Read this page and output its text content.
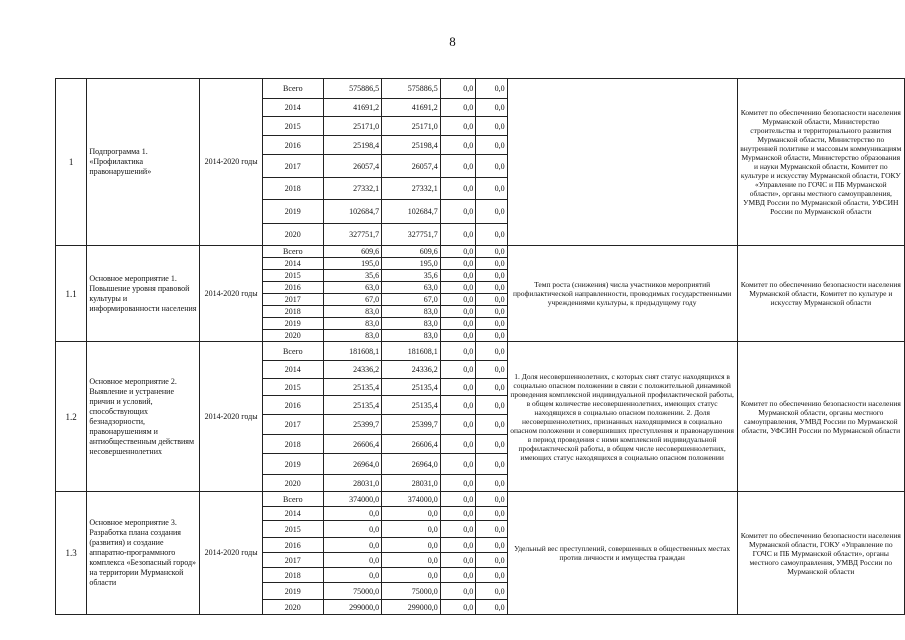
8
1	Подпрограмма 1. «Профилактика правонарушений»	2014-2020 годы	Всего	575886,5	575886,5	0,0	0,0		Комитет по обеспечению безопасности населения Мурманской области, Министерство строительства и территориального развития Мурманской области, Министерство по внутренней политике и массовым коммуникациям Мурманской области, Министерство образования и науки Мурманской области, Комитет по культуре и искусству Мурманской области, ГОКУ «Управление по ГОЧС и ПБ Мурманской области», органы местного самоуправления, УМВД России по Мурманской области, УФСИН России по Мурманской области

			2014	41691,2	41691,2	0,0	0,0		
			2015	25171,0	25171,0	0,0	0,0		
			2016	25198,4	25198,4	0,0	0,0		
			2017	26057,4	26057,4	0,0	0,0		
			2018	27332,1	27332,1	0,0	0,0		
			2019	102684,7	102684,7	0,0	0,0		
			2020	327751,7	327751,7	0,0	0,0		
1.1	Основное мероприятие 1. Повышение уровня правовой культуры и информированности населения	2014-2020 годы	Всего	609,6	609,6	0,0	0,0	Темп роста (снижения) числа участников мероприятий профилактической направленности, проводимых государственными учреждениями культуры, к предыдущему году	Комитет по обеспечению безопасности населения Мурманской области, Комитет по культуре и искусству Мурманской области

			2014	195,0	195,0	0,0	0,0		
			2015	35,6	35,6	0,0	0,0		
			2016	63,0	63,0	0,0	0,0		
			2017	67,0	67,0	0,0	0,0		
			2018	83,0	83,0	0,0	0,0		
			2019	83,0	83,0	0,0	0,0		
			2020	83,0	83,0	0,0	0,0		
1.2	Основное мероприятие 2. Выявление и устранение причин и условий, способствующих безнадзорности, правонарушениям и антиобщественным действиям несовершеннолетних	2014-2020 годы	Всего	181608,1	181608,1	0,0	0,0	1. Доля несовершеннолетних, с которых снят статус находящихся в социально опасном положении в связи с положительной динамикой проведения комплексной индивидуальной профилактической работы, в общем количестве несовершеннолетних, имеющих статус находящихся в социально опасном положении. 2. Доля несовершеннолетних, признанных находящимися в социально опасном положении и совершивших преступления и правонарушения в период проведения с ними комплексной индивидуальной профилактической работы, в общем числе несовершеннолетних, имеющих статус находящихся в социально опасном положении	Комитет по обеспечению безопасности населения Мурманской области, органы местного самоуправления, УМВД России по Мурманской области, УФСИН России по Мурманской области

			2014	24336,2	24336,2	0,0	0,0		
			2015	25135,4	25135,4	0,0	0,0		
			2016	25135,4	25135,4	0,0	0,0		
			2017	25399,7	25399,7	0,0	0,0		
			2018	26606,4	26606,4	0,0	0,0		
			2019	26964,0	26964,0	0,0	0,0		
			2020	28031,0	28031,0	0,0	0,0		
1.3	Основное мероприятие 3. Разработка плана создания (развития) и создание аппаратно-программного комплекса «Безопасный город» на территории Мурманской области	2014-2020 годы	Всего	374000,0	374000,0	0,0	0,0	Удельный вес преступлений, совершенных в общественных местах против личности и имущества граждан	Комитет по обеспечению безопасности населения Мурманской области, ГОКУ «Управление по ГОЧС и ПБ Мурманской области», органы местного самоуправления, УМВД России по Мурманской области

			2014	0,0	0,0	0,0	0,0		
			2015	0,0	0,0	0,0	0,0		
			2016	0,0	0,0	0,0	0,0		
			2017	0,0	0,0	0,0	0,0		
			2018	0,0	0,0	0,0	0,0		
			2019	75000,0	75000,0	0,0	0,0		
			2020	299000,0	299000,0	0,0	0,0		
